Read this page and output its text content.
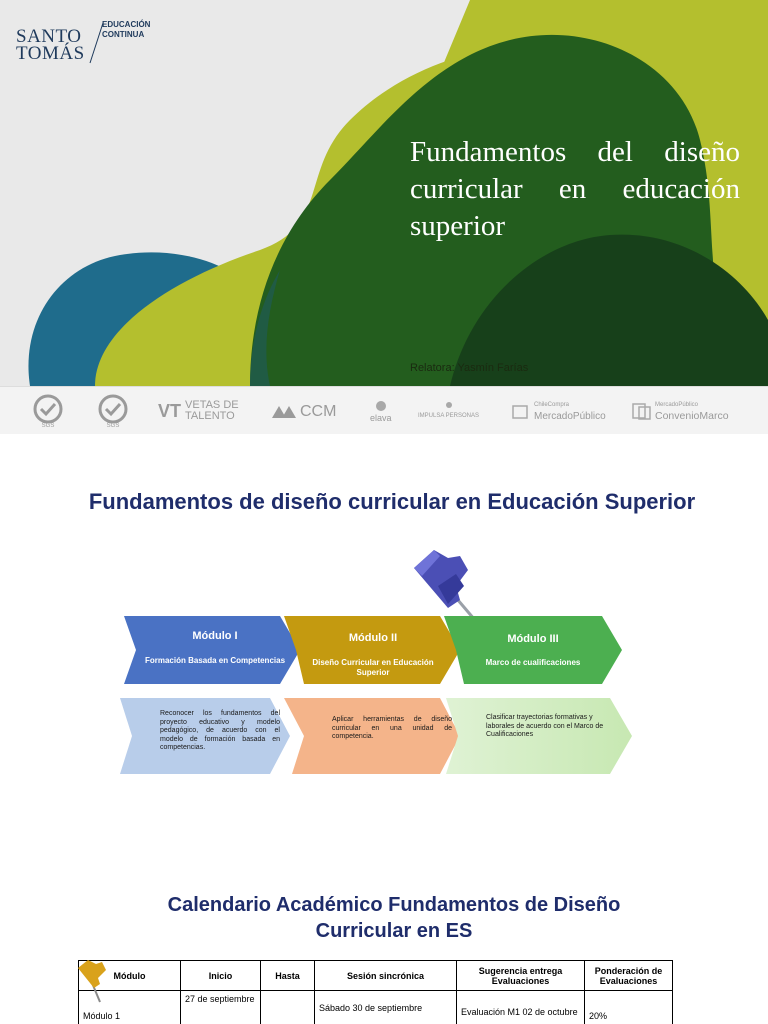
SANTO
TOMÁS
EDUCACIÓN
CONTINUA
Fundamentos del diseño curricular en educación superior
Relatora: Yasmín Farías
SGS	SGS
VT VETAS DE TALENTO	CCM	elava	IMPULSA PERSONAS
ChileCompra
MercadoPúblico
MercadoPúblico
ConvenioMarco
Fundamentos de diseño curricular en Educación Superior
Módulo I
Formación Basada en Competencias
Módulo II
Diseño Curricular en Educación Superior
Módulo III
Marco de cualificaciones
Reconocer los fundamentos del proyecto educativo y modelo pedagógico, de acuerdo con el modelo de formación basada en competencias.
Aplicar herramientas de diseño curricular en una unidad de competencia.
Clasificar trayectorias formativas y laborales de acuerdo con el Marco de Cualificaciones
Calendario Académico Fundamentos de Diseño Curricular en ES
Módulo	Inicio	Hasta	Sesión sincrónica	Sugerencia entrega Evaluaciones	Ponderación de Evaluaciones
Módulo 1	27 de septiembre		Sábado 30 de septiembre	Evaluación M1 02 de octubre	20%
